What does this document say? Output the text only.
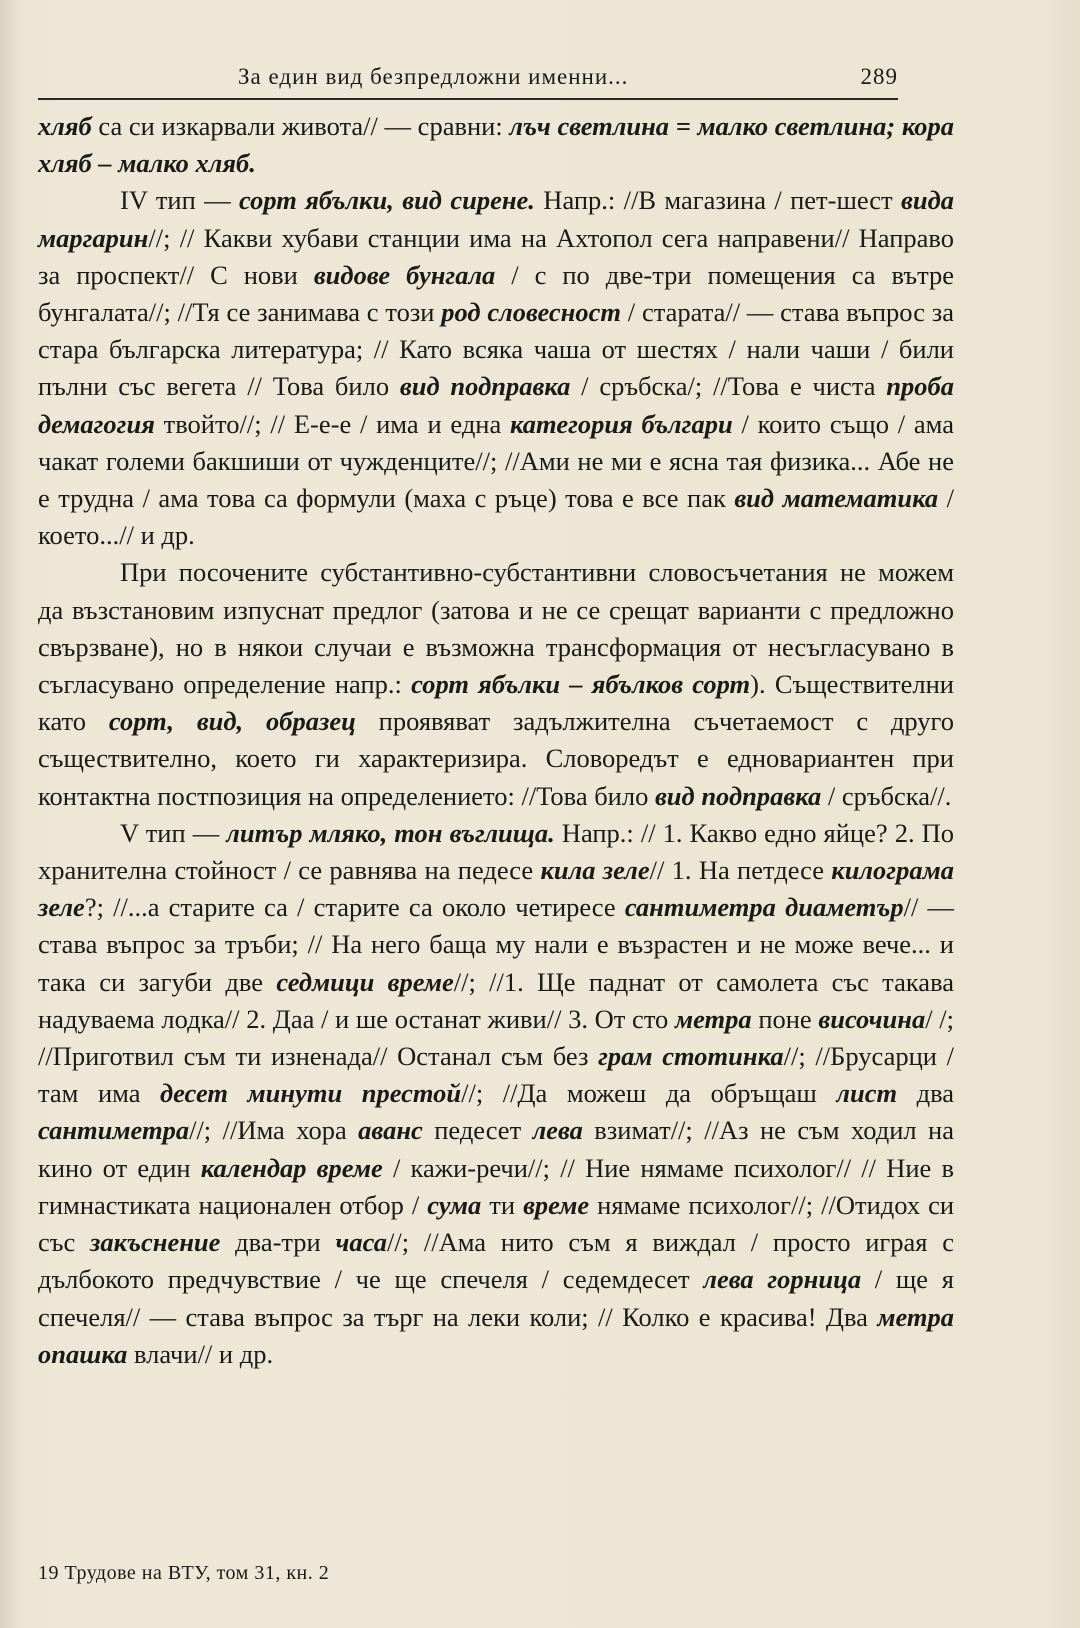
За един вид безпредложни именни...	289

хляб са си изкарвали живота// — сравни: лъч светлина = малко светлина; кора хляб – малко хляб.

IV тип — сорт ябълки, вид сирене. Напр.: //В магазина / пет-шест вида маргарин//; // Какви хубави станции има на Ахтопол сега направени// Направо за проспект// С нови видове бунгала / с по две-три помещения са вътре бунгалата//; //Тя се занимава с този род словесност / старата// — става въпрос за стара българска литература; // Като всяка чаша от шестях / нали чаши / били пълни със вегета // Това било вид подправка / сръбска/; //Това е чиста проба демагогия твойто//; // Е-е-е / има и една категория българи / които също / ама чакат големи бакшиши от чужденците//; //Ами не ми е ясна тая физика... Абе не е трудна / ама това са формули (маха с ръце) това е все пак вид математика / което...// и др.

При посочените субстантивно-субстантивни словосъчетания не можем да възстановим изпуснат предлог (затова и не се срещат варианти с предложно свързване), но в някои случаи е възможна трансформация от несъгласувано в съгласувано определение напр.: сорт ябълки – ябълков сорт). Съществителни като сорт, вид, образец проявяват задължителна съчетаемост с друго съществително, което ги характеризира. Словоредът е едновариантен при контактна постпозиция на определението: //Това било вид подправка / сръбска//.

V тип — литър мляко, тон въглища. Напр.: // 1. Какво едно яйце? 2. По хранителна стойност / се равнява на педесе кила зеле// 1. На петдесе килограма зеле?; //...а старите са / старите са около четиресе сантиметра диаметър// — става въпрос за тръби; // На него баща му нали е възрастен и не може вече... и така си загуби две седмици време//; //1. Ще паднат от самолета със такава надуваема лодка// 2. Даа / и ше останат живи// 3. От сто метра поне височина/ /; //Приготвил съм ти изненада// Останал съм без грам стотинка//; //Брусарци / там има десет минути престой//; //Да можеш да обръщаш лист два сантиметра//; //Има хора аванс педесет лева взимат//; //Аз не съм ходил на кино от един календар време / кажи-речи//; // Ние нямаме психолог// // Ние в гимнастиката национален отбор / сума ти време нямаме психолог//; //Отидох си със закъснение два-три часа//; //Ама нито съм я виждал / просто играя с дълбокото предчувствие / че ще спечеля / седемдесет лева горница / ще я спечеля// — става въпрос за търг на леки коли; // Колко е красива! Два метра опашка влачи// и др.

19 Трудове на ВТУ, том 31, кн. 2
